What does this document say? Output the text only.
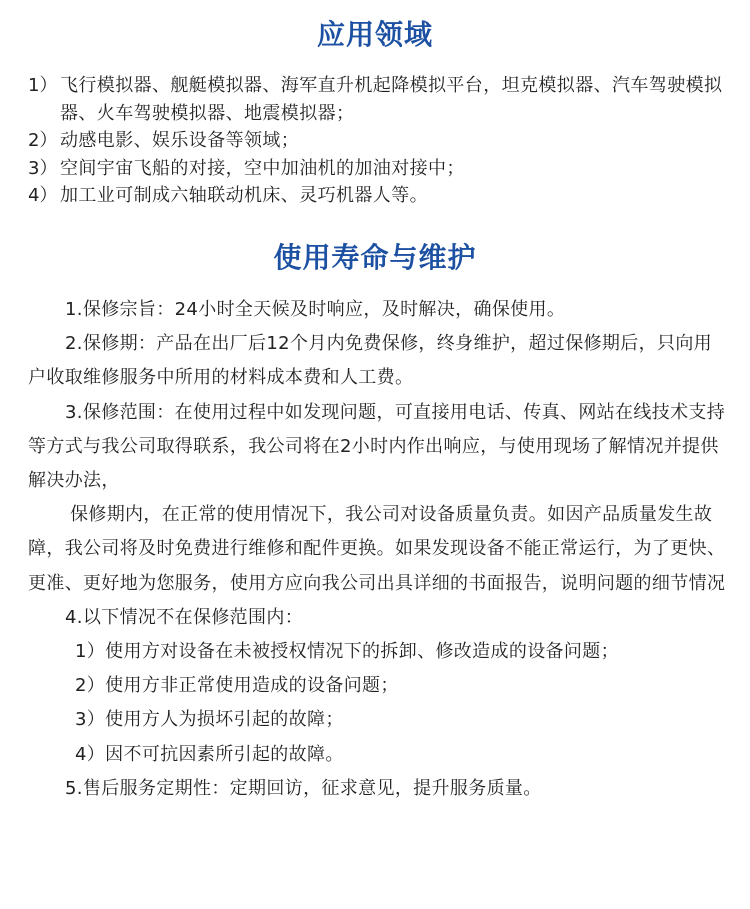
应用领域
1） 飞行模拟器、舰艇模拟器、海军直升机起降模拟平台，坦克模拟器、汽车驾驶模拟器、火车驾驶模拟器、地震模拟器；
2） 动感电影、娱乐设备等领域；
3） 空间宇宙飞船的对接，空中加油机的加油对接中；
4） 加工业可制成六轴联动机床、灵巧机器人等。
使用寿命与维护

1.保修宗旨：24小时全天候及时响应，及时解决，确保使用。

2.保修期：产品在出厂后12个月内免费保修，终身维护，超过保修期后，只向用户收取维修服务中所用的材料成本费和人工费。

3.保修范围：在使用过程中如发现问题，可直接用电话、传真、网站在线技术支持等方式与我公司取得联系，我公司将在2小时内作出响应，与使用现场了解情况并提供解决办法，

保修期内，在正常的使用情况下，我公司对设备质量负责。如因产品质量发生故障，我公司将及时免费进行维修和配件更换。如果发现设备不能正常运行，为了更快、更准、更好地为您服务，使用方应向我公司出具详细的书面报告，说明问题的细节情况

4.以下情况不在保修范围内：

1）使用方对设备在未被授权情况下的拆卸、修改造成的设备问题；

2）使用方非正常使用造成的设备问题；

3）使用方人为损坏引起的故障；

4）因不可抗因素所引起的故障。

5.售后服务定期性：定期回访，征求意见，提升服务质量。
